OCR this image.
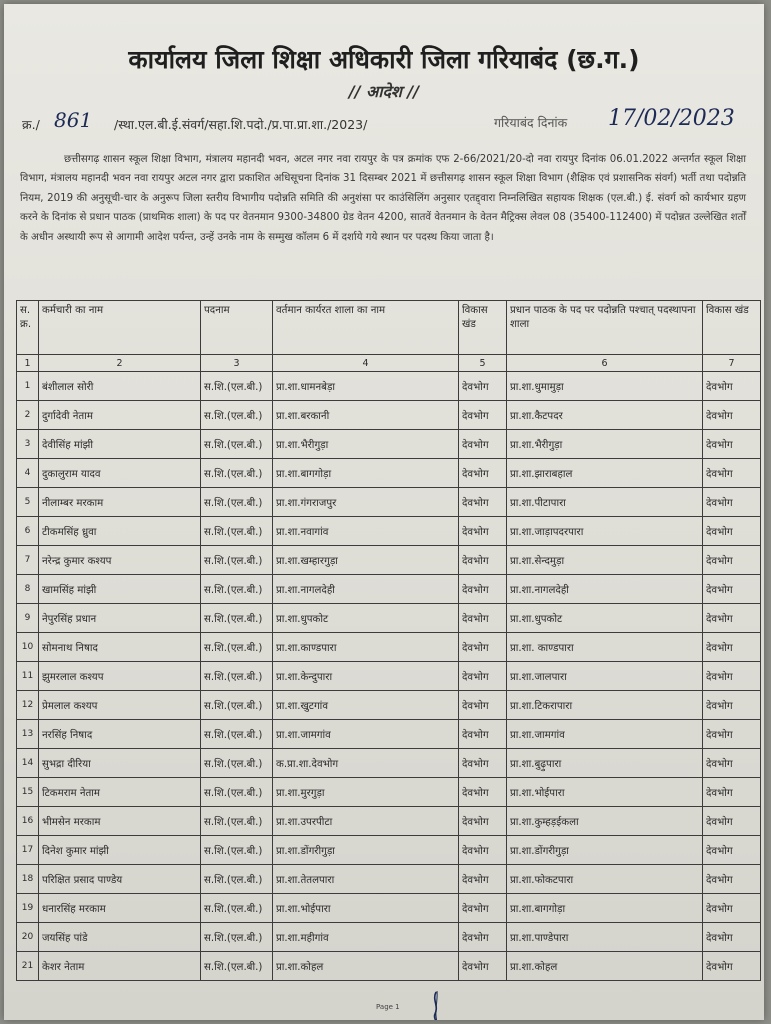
कार्यालय जिला शिक्षा अधिकारी जिला गरियाबंद (छ.ग.)
// आदेश //
क्र./ 861 /स्था.एल.बी.ई.संवर्ग/सहा.शि.पदो./प्र.पा.प्रा.शा./2023/	गरियाबंद दिनांक 17/02/2023
छत्तीसगढ़ शासन स्कूल शिक्षा विभाग, मंत्रालय महानदी भवन, अटल नगर नवा रायपुर के पत्र क्रमांक एफ 2-66/2021/20-दो नवा रायपुर दिनांक 06.01.2022 अन्तर्गत स्कूल शिक्षा विभाग, मंत्रालय महानदी भवन नवा रायपुर अटल नगर द्वारा प्रकाशित अधिसूचना दिनांक 31 दिसम्बर 2021 में छत्तीसगढ़ शासन स्कूल शिक्षा विभाग (शैक्षिक एवं प्रशासनिक संवर्ग) भर्ती तथा पदोन्नति नियम, 2019 की अनुसूची-चार के अनुरूप जिला स्तरीय विभागीय पदोन्नति समिति की अनुशंसा पर काउंसिलिंग अनुसार एतद्द्वारा निम्नलिखित सहायक शिक्षक (एल.बी.) ई. संवर्ग को कार्यभार ग्रहण करने के दिनांक से प्रधान पाठक (प्राथमिक शाला) के पद पर वेतनमान 9300-34800 ग्रेड वेतन 4200, सातवें वेतनमान के वेतन मैट्रिक्स लेवल 08 (35400-112400) में पदोन्नत उल्लेखित शर्तों के अधीन अस्थायी रूप से आगामी आदेश पर्यन्त, उन्हें उनके नाम के सम्मुख कॉलम 6 में दर्शाये गये स्थान पर पदस्थ किया जाता है।
स. क्र.	कर्मचारी का नाम	पदनाम	वर्तमान कार्यरत शाला का नाम	विकास खंड	प्रधान पाठक के पद पर पदोन्नति पश्चात् पदस्थापना शाला	विकास खंड
1	2	3	4	5	6	7
1	बंशीलाल सोरी	स.शि.(एल.बी.)	प्रा.शा.धामनबेड़ा	देवभोग	प्रा.शा.धुमामुड़ा	देवभोग
2	दुर्गादेवी नेताम	स.शि.(एल.बी.)	प्रा.शा.बरकानी	देवभोग	प्रा.शा.कैटपदर	देवभोग
3	देवीसिंह मांझी	स.शि.(एल.बी.)	प्रा.शा.भैरीगुड़ा	देवभोग	प्रा.शा.भैरीगुड़ा	देवभोग
4	दुकालुराम यादव	स.शि.(एल.बी.)	प्रा.शा.बागगोड़ा	देवभोग	प्रा.शा.झाराबहाल	देवभोग
5	नीलाम्बर मरकाम	स.शि.(एल.बी.)	प्रा.शा.गंगराजपुर	देवभोग	प्रा.शा.पीटापारा	देवभोग
6	टीकमसिंह ध्रुवा	स.शि.(एल.बी.)	प्रा.शा.नवागांव	देवभोग	प्रा.शा.जाड़ापदरपारा	देवभोग
7	नरेन्द्र कुमार कश्यप	स.शि.(एल.बी.)	प्रा.शा.खम्हारगुड़ा	देवभोग	प्रा.शा.सेन्दमुड़ा	देवभोग
8	खामसिंह मांझी	स.शि.(एल.बी.)	प्रा.शा.नागलदेही	देवभोग	प्रा.शा.नागलदेही	देवभोग
9	नेपुरसिंह प्रधान	स.शि.(एल.बी.)	प्रा.शा.धुपकोट	देवभोग	प्रा.शा.धुपकोट	देवभोग
10	सोमनाथ निषाद	स.शि.(एल.बी.)	प्रा.शा.काण्डपारा	देवभोग	प्रा.शा. काण्डपारा	देवभोग
11	झुमरलाल कश्यप	स.शि.(एल.बी.)	प्रा.शा.केन्दुपारा	देवभोग	प्रा.शा.जालपारा	देवभोग
12	प्रेमलाल कश्यप	स.शि.(एल.बी.)	प्रा.शा.खुटगांव	देवभोग	प्रा.शा.टिकरापारा	देवभोग
13	नरसिंह निषाद	स.शि.(एल.बी.)	प्रा.शा.जामगांव	देवभोग	प्रा.शा.जामगांव	देवभोग
14	सुभद्रा दीरिया	स.शि.(एल.बी.)	क.प्रा.शा.देवभोग	देवभोग	प्रा.शा.बुढ़ुपारा	देवभोग
15	टिकमराम नेताम	स.शि.(एल.बी.)	प्रा.शा.मुरगुड़ा	देवभोग	प्रा.शा.भोईपारा	देवभोग
16	भीमसेन मरकाम	स.शि.(एल.बी.)	प्रा.शा.उपरपीटा	देवभोग	प्रा.शा.कुम्हड़ईकला	देवभोग
17	दिनेश कुमार मांझी	स.शि.(एल.बी.)	प्रा.शा.डोंगरीगुड़ा	देवभोग	प्रा.शा.डोंगरीगुड़ा	देवभोग
18	परिक्षित प्रसाद पाण्डेय	स.शि.(एल.बी.)	प्रा.शा.तेतलपारा	देवभोग	प्रा.शा.फोकटपारा	देवभोग
19	धनारसिंह मरकाम	स.शि.(एल.बी.)	प्रा.शा.भोईपारा	देवभोग	प्रा.शा.बागगोड़ा	देवभोग
20	जयसिंह पांडे	स.शि.(एल.बी.)	प्रा.शा.महीगांव	देवभोग	प्रा.शा.पाण्डेपारा	देवभोग
21	केशर नेताम	स.शि.(एल.बी.)	प्रा.शा.कोहल	देवभोग	प्रा.शा.कोहल	देवभोग
Page 1
